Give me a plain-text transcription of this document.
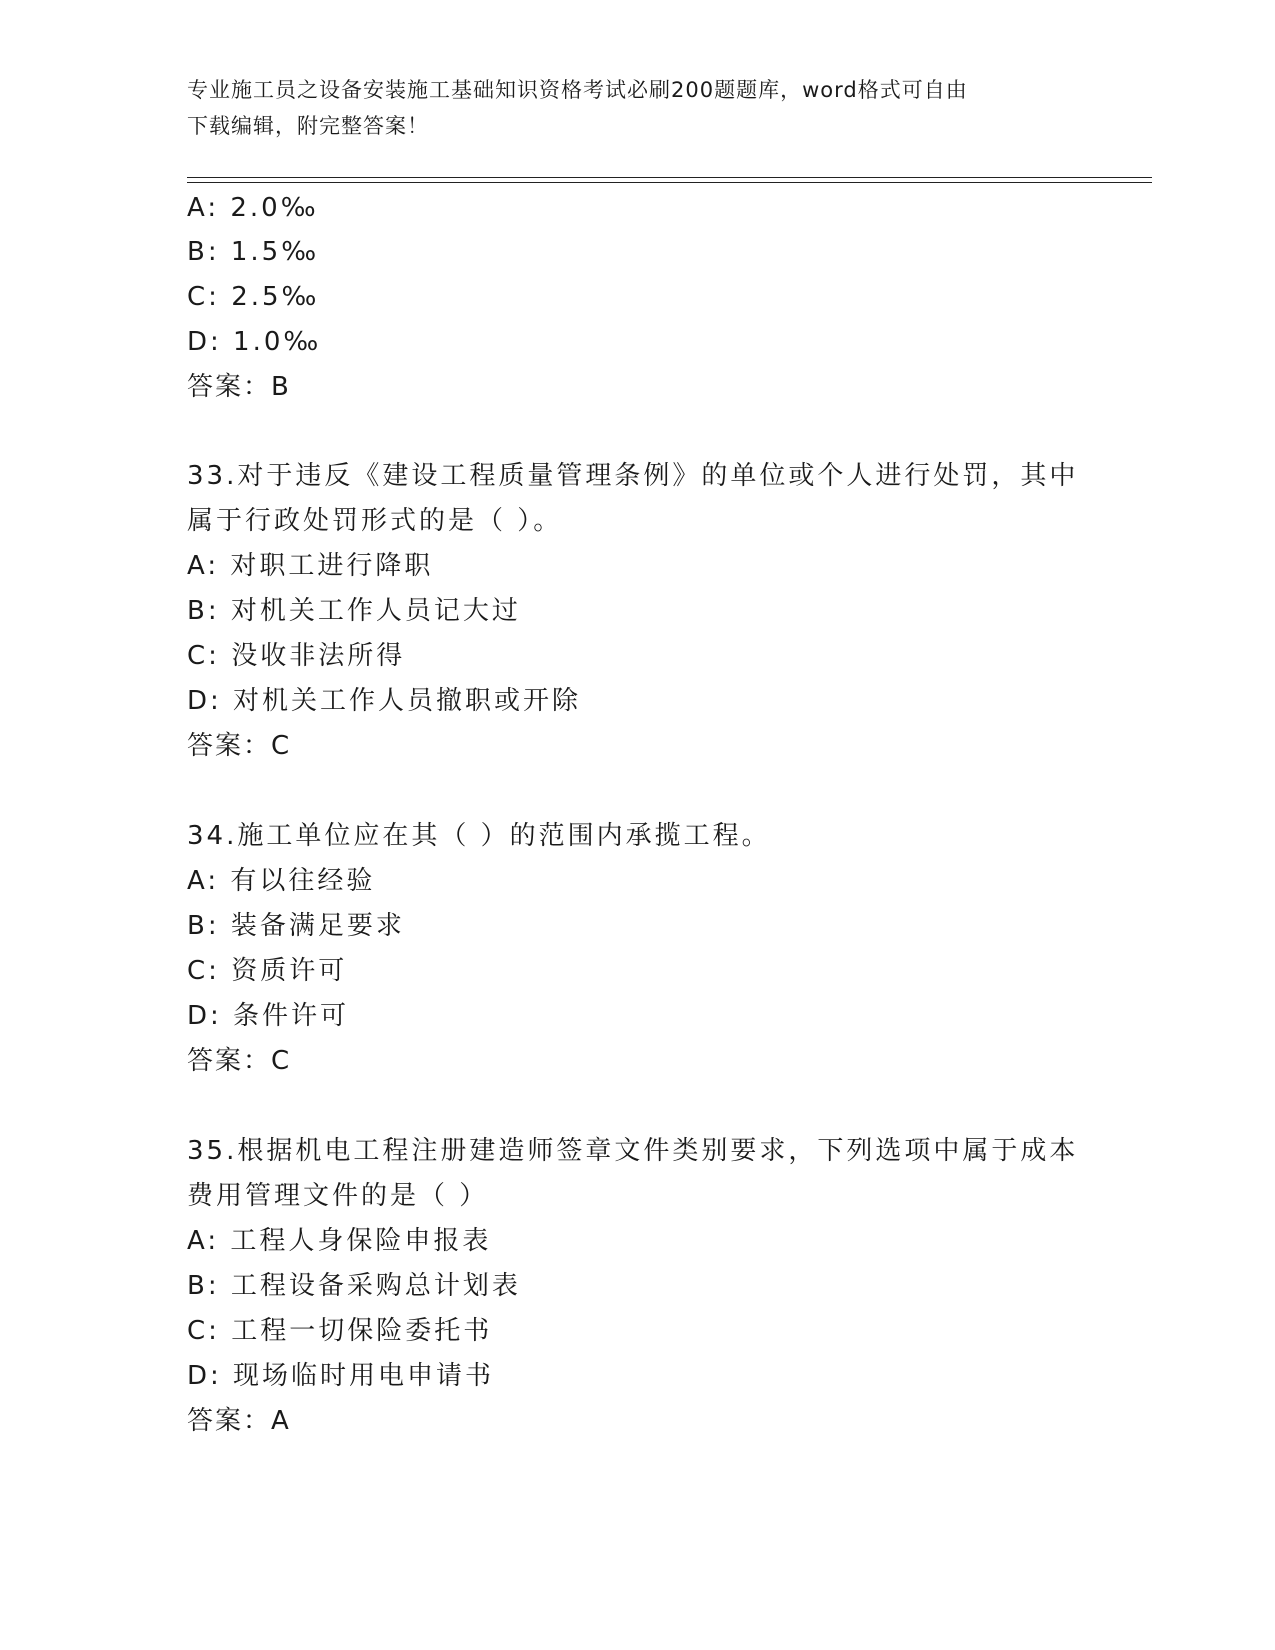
专业施工员之设备安装施工基础知识资格考试必刷200题题库，word格式可自由
下载编辑，附完整答案！
A: 2.0‰
B: 1.5‰
C: 2.5‰
D: 1.0‰
答案：B
33.对于违反《建设工程质量管理条例》的单位或个人进行处罚，其中
属于行政处罚形式的是（ ）。
A: 对职工进行降职
B: 对机关工作人员记大过
C: 没收非法所得
D: 对机关工作人员撤职或开除
答案：C
34.施工单位应在其（ ）的范围内承揽工程。
A: 有以往经验
B: 装备满足要求
C: 资质许可
D: 条件许可
答案：C
35.根据机电工程注册建造师签章文件类别要求，下列选项中属于成本
费用管理文件的是（ ）
A: 工程人身保险申报表
B: 工程设备采购总计划表
C: 工程一切保险委托书
D: 现场临时用电申请书
答案：A
